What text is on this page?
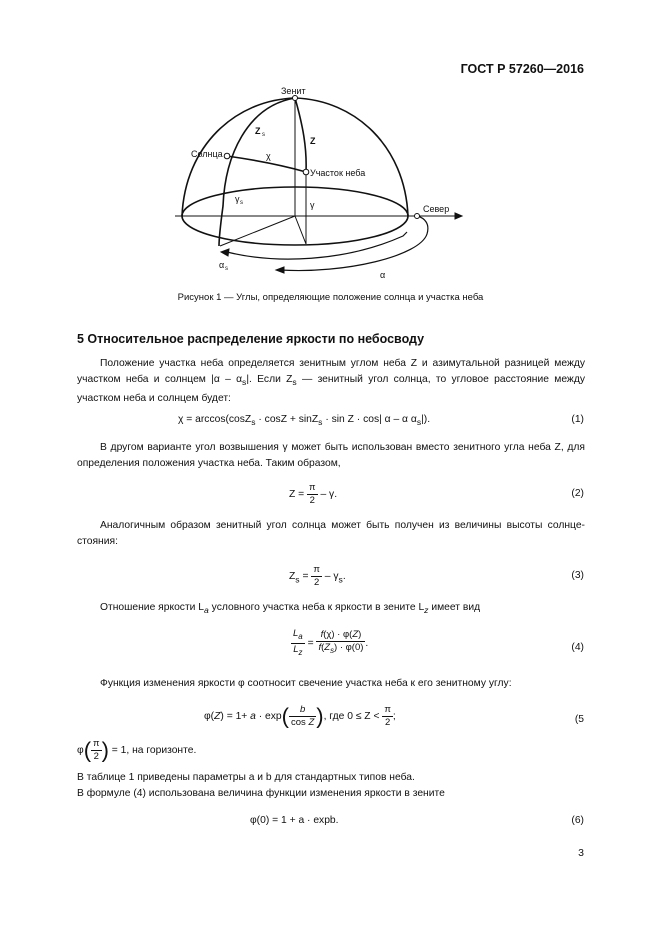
ГОСТ Р 57260—2016
Зенит
Солнца
Участок неба
Север
Z s
Z
χ
γ s	γ
α s
α
Рисунок 1 — Углы, определяющие положение солнца и участка неба
5 Относительное распределение яркости по небосводу
Положение участка неба определяется зенитным углом неба Z и азимутальной разницей между участком неба и солнцем $|\alpha - \alpha_s|$. Если $Z_s$ — зенитный угол солнца, то угловое расстояние между участком неба и солнцем будет:
χ = arccos(cosZ$_s$ · cosZ + sinZ$_s$ · sin Z · cos| α – α $\alpha_s|$).	(1)
В другом варианте угол возвышения γ может быть использован вместо зенитного угла неба Z, для определения положения участка неба. Таким образом,
$Z = \frac{\pi}{2} - \gamma$.	(2)
Аналогичным образом зенитный угол солнца может быть получен из величины высоты солнце- стояния:
$Z_s = \frac{\pi}{2} - \gamma_s$.	(3)
Отношение яркости $L_a$ условного участка неба к яркости в зените $L_z$ имеет вид
$\frac{L_a}{L_z} = \frac{f(\chi) \cdot \varphi(Z)}{f(Z_s) \cdot \varphi(0)}$ .	(4)
Функция изменения яркости φ соотносит свечение участка неба к его зенитному углу:
$\varphi(Z) = 1+ a \cdot \exp( \frac{b}{\text{cos Z}}$ ), где $0 \le Z < \frac{\pi}{2}$ ;	(5
$\varphi( \frac{\pi}{2}$ ) = 1, на горизонте.
В таблице 1 приведены параметры a и b для стандартных типов неба.
В формуле (4) использована величина функции изменения яркости в зените
φ(0) = 1 + a · expb.	(6)
3
